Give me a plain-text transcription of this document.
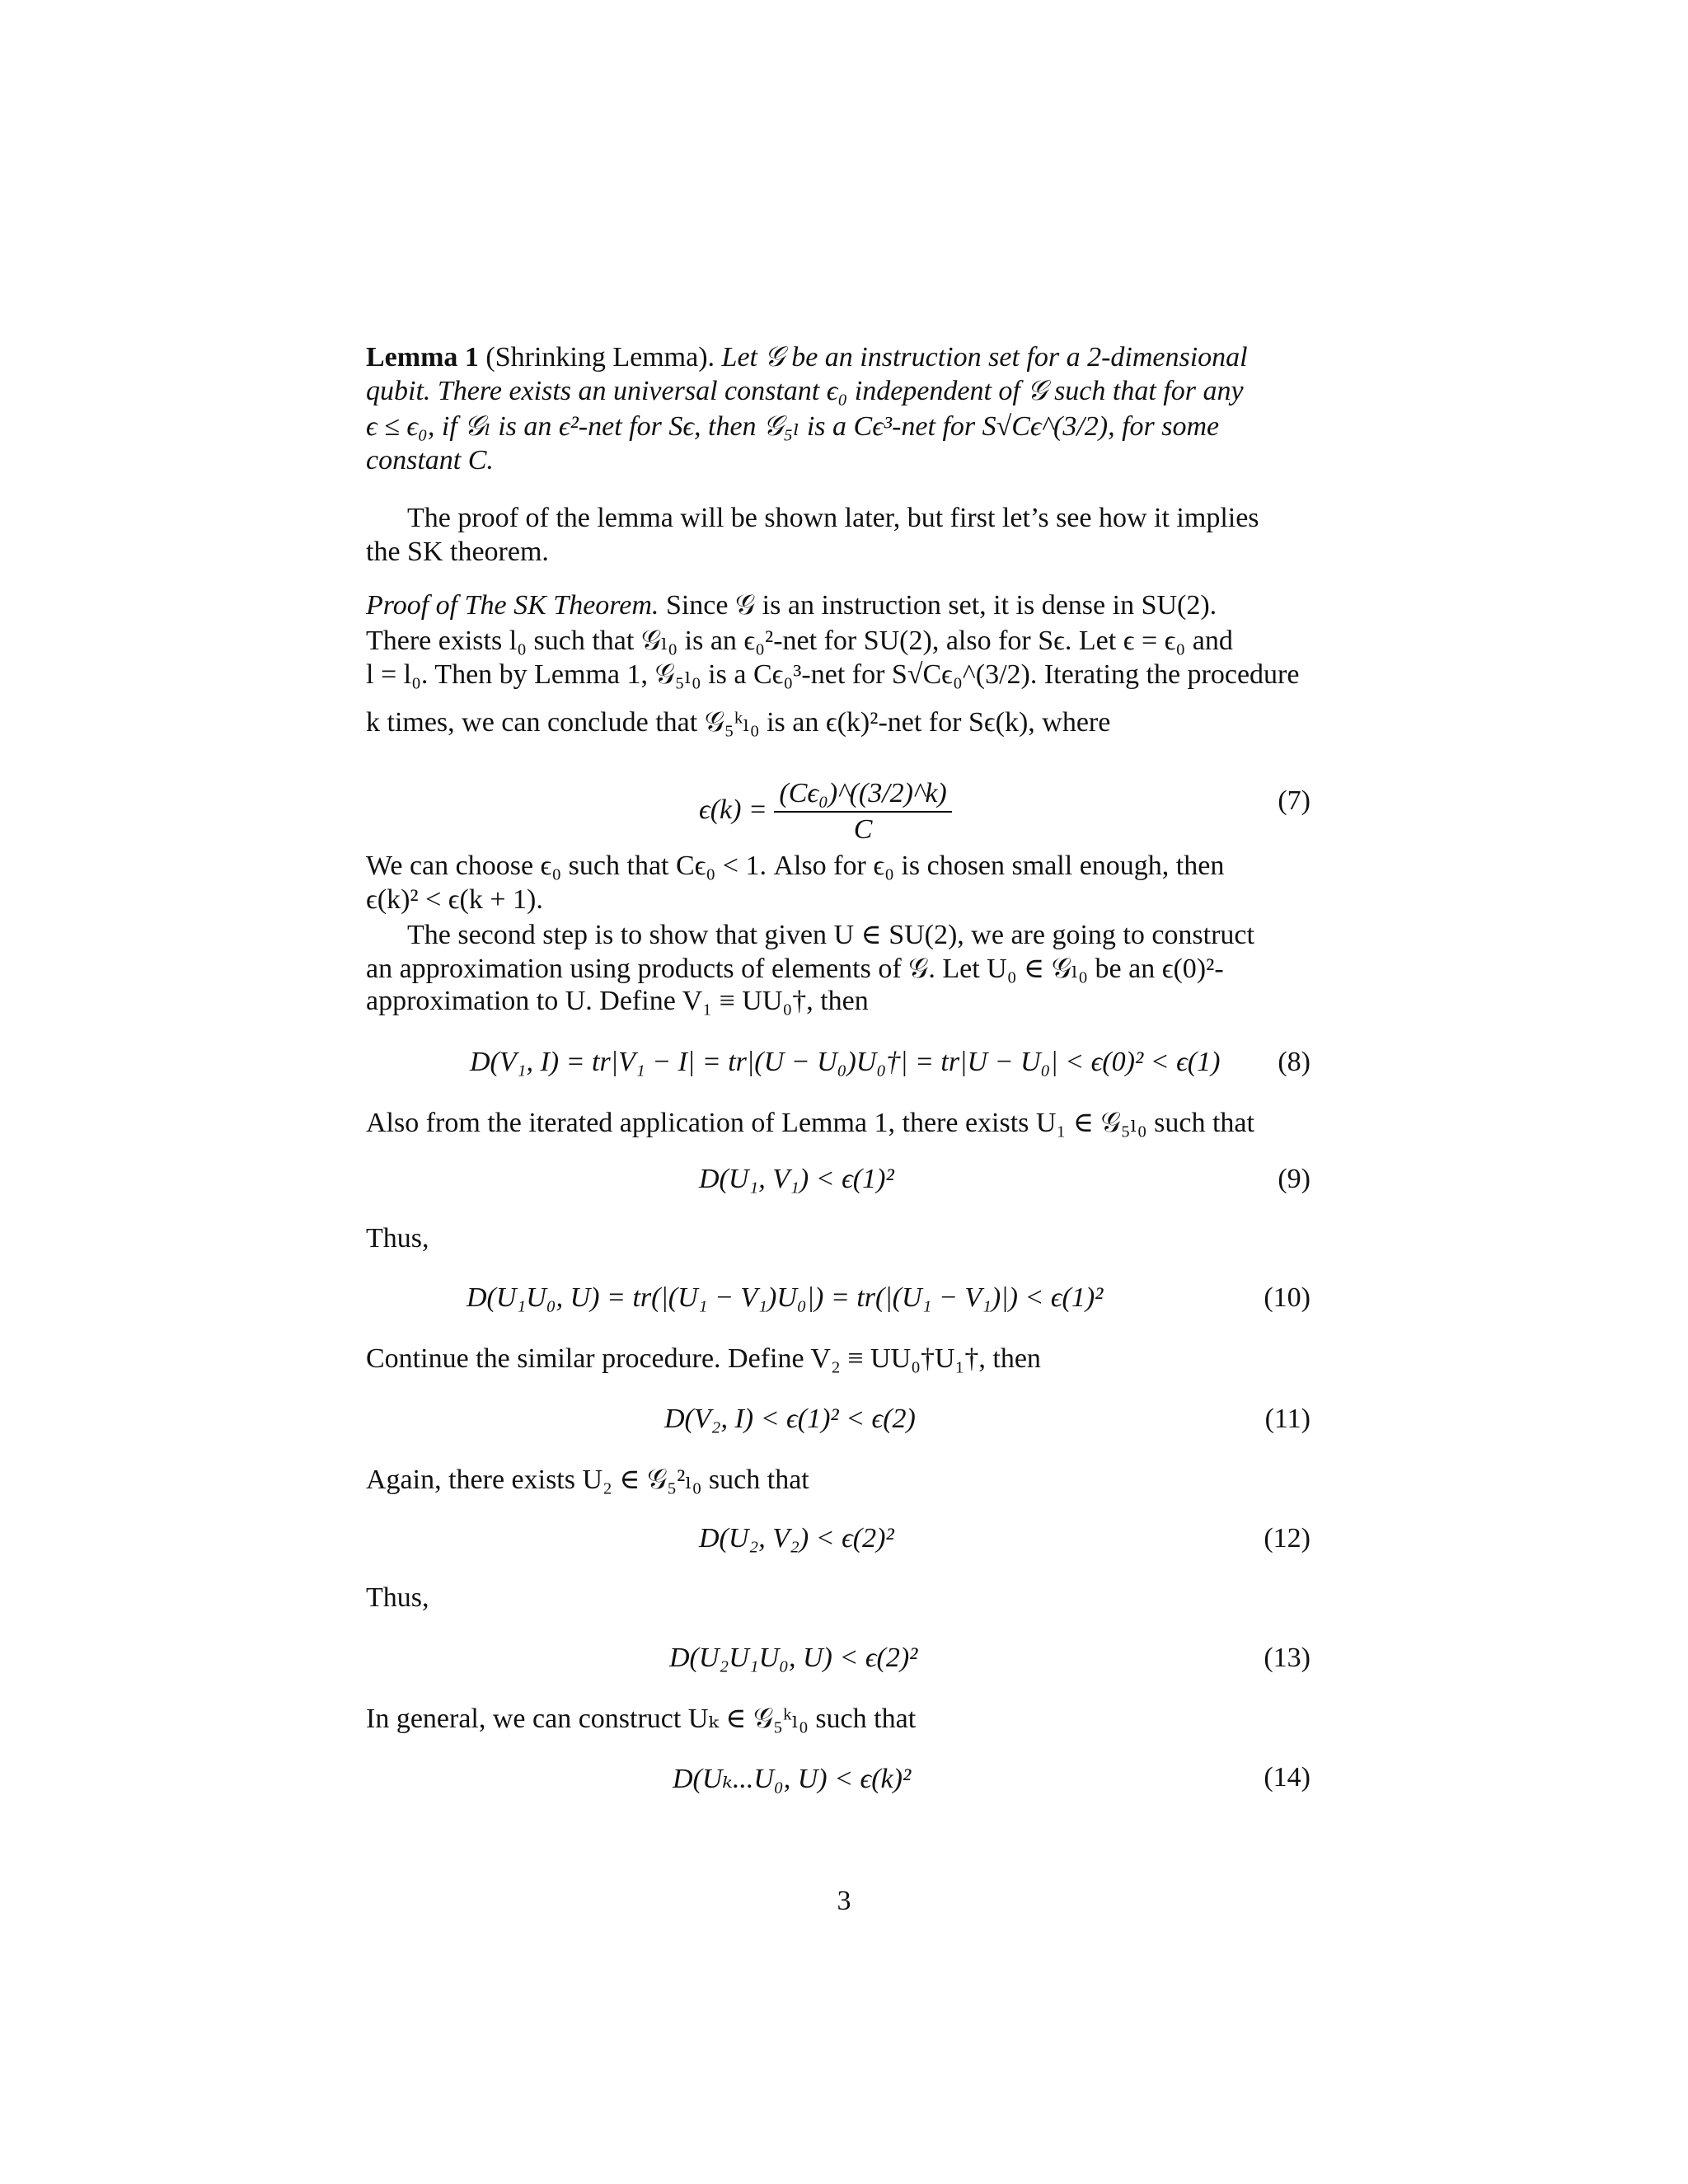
Lemma 1 (Shrinking Lemma). Let 𝒢 be an instruction set for a 2-dimensional
qubit. There exists an universal constant ϵ₀ independent of 𝒢 such that for any
ϵ ≤ ϵ₀, if 𝒢ₗ is an ϵ²-net for Sϵ, then 𝒢₅ₗ is a Cϵ³-net for S√Cϵ^(3/2), for some
constant C.
The proof of the lemma will be shown later, but first let’s see how it implies
the SK theorem.
Proof of The SK Theorem. Since 𝒢 is an instruction set, it is dense in SU(2).
There exists l₀ such that 𝒢ₗ₀ is an ϵ₀²-net for SU(2), also for Sϵ. Let ϵ = ϵ₀ and
l = l₀. Then by Lemma 1, 𝒢₅ₗ₀ is a Cϵ₀³-net for S√Cϵ₀^(3/2). Iterating the procedure
k times, we can conclude that 𝒢₅ᵏₗ₀ is an ϵ(k)²-net for Sϵ(k), where
$\epsilon(k) = \frac{\text{(Cϵ₀)\textasciicircum{}((3/2)\textasciicircum{}k)}}{C}$	(7)
We can choose ϵ₀ such that Cϵ₀ < 1. Also for ϵ₀ is chosen small enough, then
ϵ(k)² < ϵ(k + 1).
The second step is to show that given U ∈ SU(2), we are going to construct
an approximation using products of elements of 𝒢. Let U₀ ∈ 𝒢ₗ₀ be an ϵ(0)²-
approximation to U. Define V₁ ≡ UU₀†, then
D(V₁, I) = tr|V₁ − I| = tr|(U − U₀)U₀†| = tr|U − U₀| < ϵ(0)² < ϵ(1) (8)
Also from the iterated application of Lemma 1, there exists U₁ ∈ 𝒢₅ₗ₀ such that
D(U₁, V₁) < ϵ(1)²	(9)
Thus,
D(U₁U₀, U) = tr(|(U₁ − V₁)U₀|) = tr(|(U₁ − V₁)|) < ϵ(1)²	(10)
Continue the similar procedure. Define V₂ ≡ UU₀†U₁†, then
D(V₂, I) < ϵ(1)² < ϵ(2)	(11)
Again, there exists U₂ ∈ 𝒢₅²ₗ₀ such that
D(U₂, V₂) < ϵ(2)²	(12)
Thus,
D(U₂U₁U₀, U) < ϵ(2)²	(13)
In general, we can construct Uₖ ∈ 𝒢₅ᵏₗ₀ such that
D(Uₖ...U₀, U) < ϵ(k)²	(14)
3
